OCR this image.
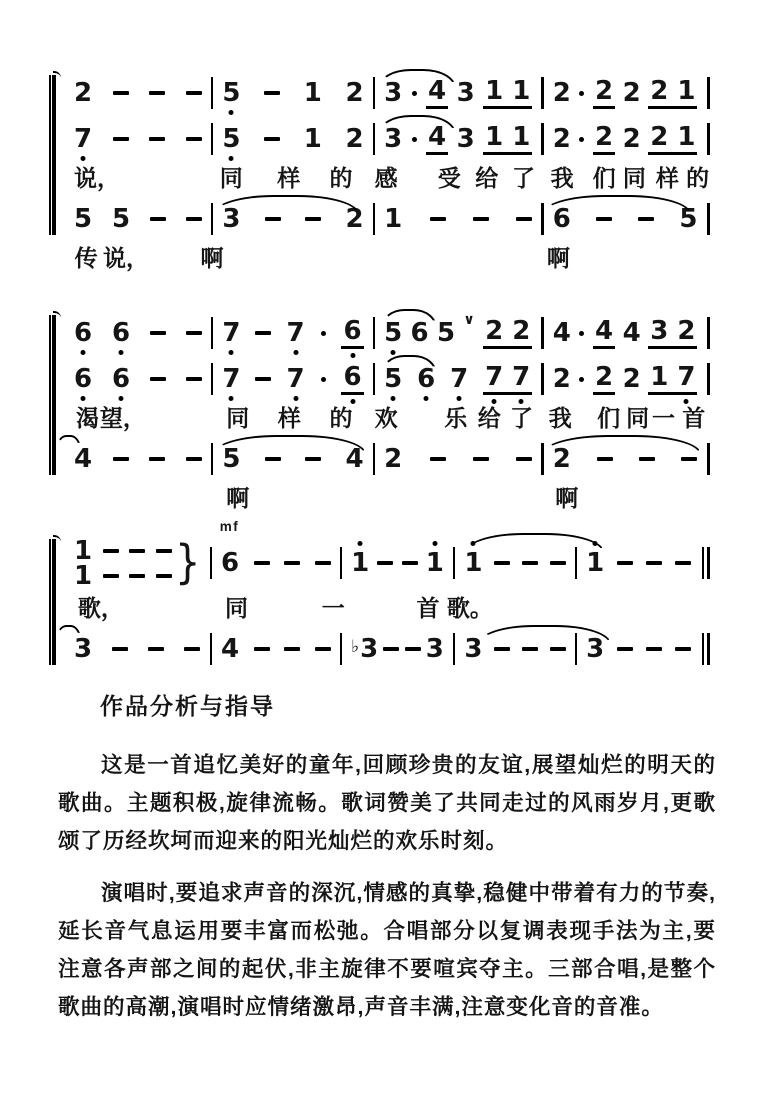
2	5 1 2 3 4 3 1 1 2 2 2 2 1
7	5 1 2 3 4 3 1 1 2 2 2 2 1
说，	同 样 的 感 受 给 了 我 们 同 样 的
5 5	3	2 1	6	5
传 说， 啊	啊
6 6	7 7 6 5 6 5 ∨ 2 2 4 4 4 3 2
6 6	7 7 6 5 6 7 7 7 2 2 2 1 7
渴 望，	同 样 的 欢 乐 给 了 我 们 同 一 首
4	5	4 2	2
啊	啊
1
1 } 6	1 1 1	1
mf
歌，	同	一	首 歌。
3	4	♭3 3 3	3
作品分析与指导

这是一首追忆美好的童年,回顾珍贵的友谊,展望灿烂的明天的歌曲。主题积极,旋律流畅。歌词赞美了共同走过的风雨岁月,更歌颂了历经坎坷而迎来的阳光灿烂的欢乐时刻。

演唱时,要追求声音的深沉,情感的真挚,稳健中带着有力的节奏,延长音气息运用要丰富而松弛。合唱部分以复调表现手法为主,要注意各声部之间的起伏,非主旋律不要喧宾夺主。三部合唱,是整个歌曲的高潮,演唱时应情绪激昂,声音丰满,注意变化音的音准。
